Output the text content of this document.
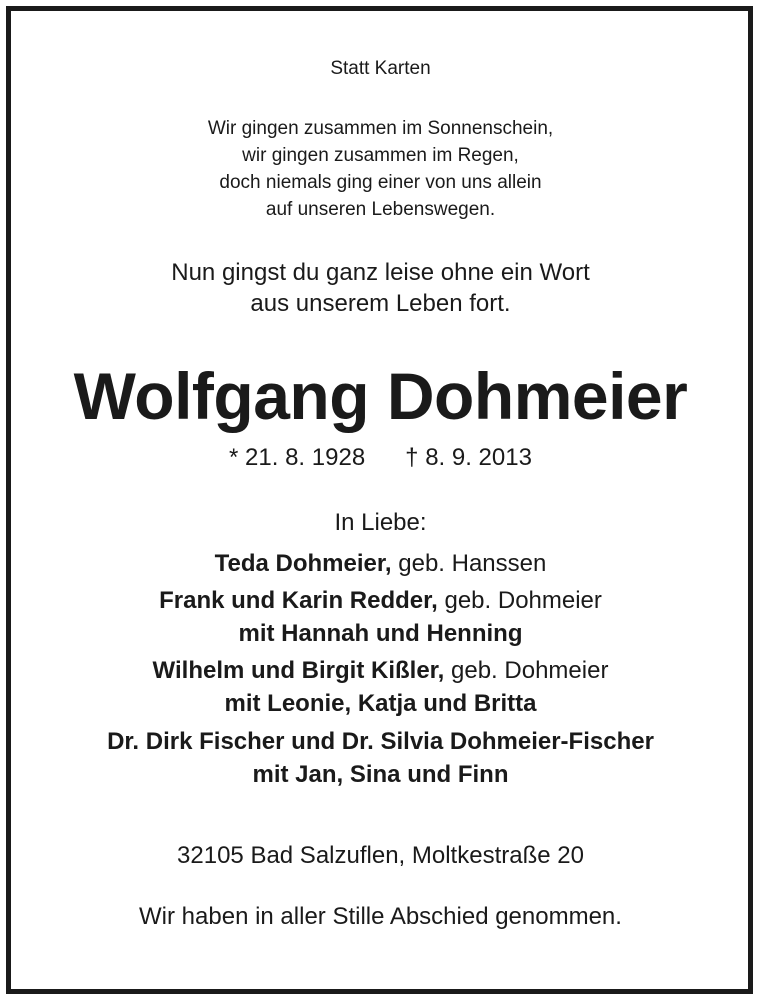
Statt Karten
Wir gingen zusammen im Sonnenschein,
wir gingen zusammen im Regen,
doch niemals ging einer von uns allein
auf unseren Lebenswegen.
Nun gingst du ganz leise ohne ein Wort
aus unserem Leben fort.
Wolfgang Dohmeier
* 21. 8. 1928 † 8. 9. 2013
In Liebe:
Teda Dohmeier, geb. Hanssen
Frank und Karin Redder, geb. Dohmeier
mit Hannah und Henning
Wilhelm und Birgit Kißler, geb. Dohmeier
mit Leonie, Katja und Britta
Dr. Dirk Fischer und Dr. Silvia Dohmeier-Fischer
mit Jan, Sina und Finn
32105 Bad Salzuflen, Moltkestraße 20
Wir haben in aller Stille Abschied genommen.
